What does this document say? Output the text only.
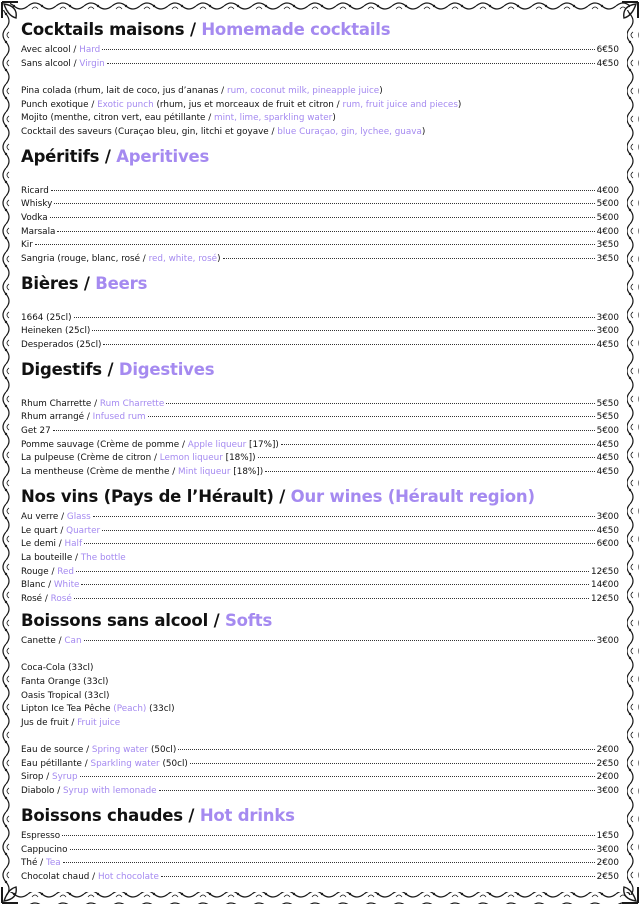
Cocktails maisons / Homemade cocktails
Avec alcool / Hard	6€50
Sans alcool / Virgin	4€50
Pina colada (rhum, lait de coco, jus d’ananas / rum, coconut milk, pineapple juice)
Punch exotique / Exotic punch (rhum, jus et morceaux de fruit et citron / rum, fruit juice and pieces)
Mojito (menthe, citron vert, eau pétillante / mint, lime, sparkling water)
Cocktail des saveurs (Curaçao bleu, gin, litchi et goyave / blue Curaçao, gin, lychee, guava)
Apéritifs / Aperitives
Ricard	4€00
Whisky	5€00
Vodka	5€00
Marsala	4€00
Kir	3€50
Sangria (rouge, blanc, rosé / red, white, rosé)	3€50
Bières / Beers
1664 (25cl)	3€00
Heineken (25cl)	3€00
Desperados (25cl)	4€50
Digestifs / Digestives
Rhum Charrette / Rum Charrette	5€50
Rhum arrangé / Infused rum	5€50
Get 27	5€00
Pomme sauvage (Crème de pomme / Apple liqueur [17%])	4€50
La pulpeuse (Crème de citron / Lemon liqueur [18%])	4€50
La mentheuse (Crème de menthe / Mint liqueur [18%])	4€50
Nos vins (Pays de l’Hérault) / Our wines (Hérault region)
Au verre / Glass	3€00
Le quart / Quarter	4€50
Le demi / Half	6€00
La bouteille / The bottle
Rouge / Red	12€50
Blanc / White	14€00
Rosé / Rosé	12€50
Boissons sans alcool / Softs
Canette / Can	3€00
Coca-Cola (33cl)
Fanta Orange (33cl)
Oasis Tropical (33cl)
Lipton Ice Tea Pêche (Peach) (33cl)
Jus de fruit / Fruit juice
Eau de source / Spring water (50cl)	2€00
Eau pétillante / Sparkling water (50cl)	2€50
Sirop / Syrup	2€00
Diabolo / Syrup with lemonade	3€00
Boissons chaudes / Hot drinks
Espresso	1€50
Cappucino	3€00
Thé / Tea	2€00
Chocolat chaud / Hot chocolate	2€50
